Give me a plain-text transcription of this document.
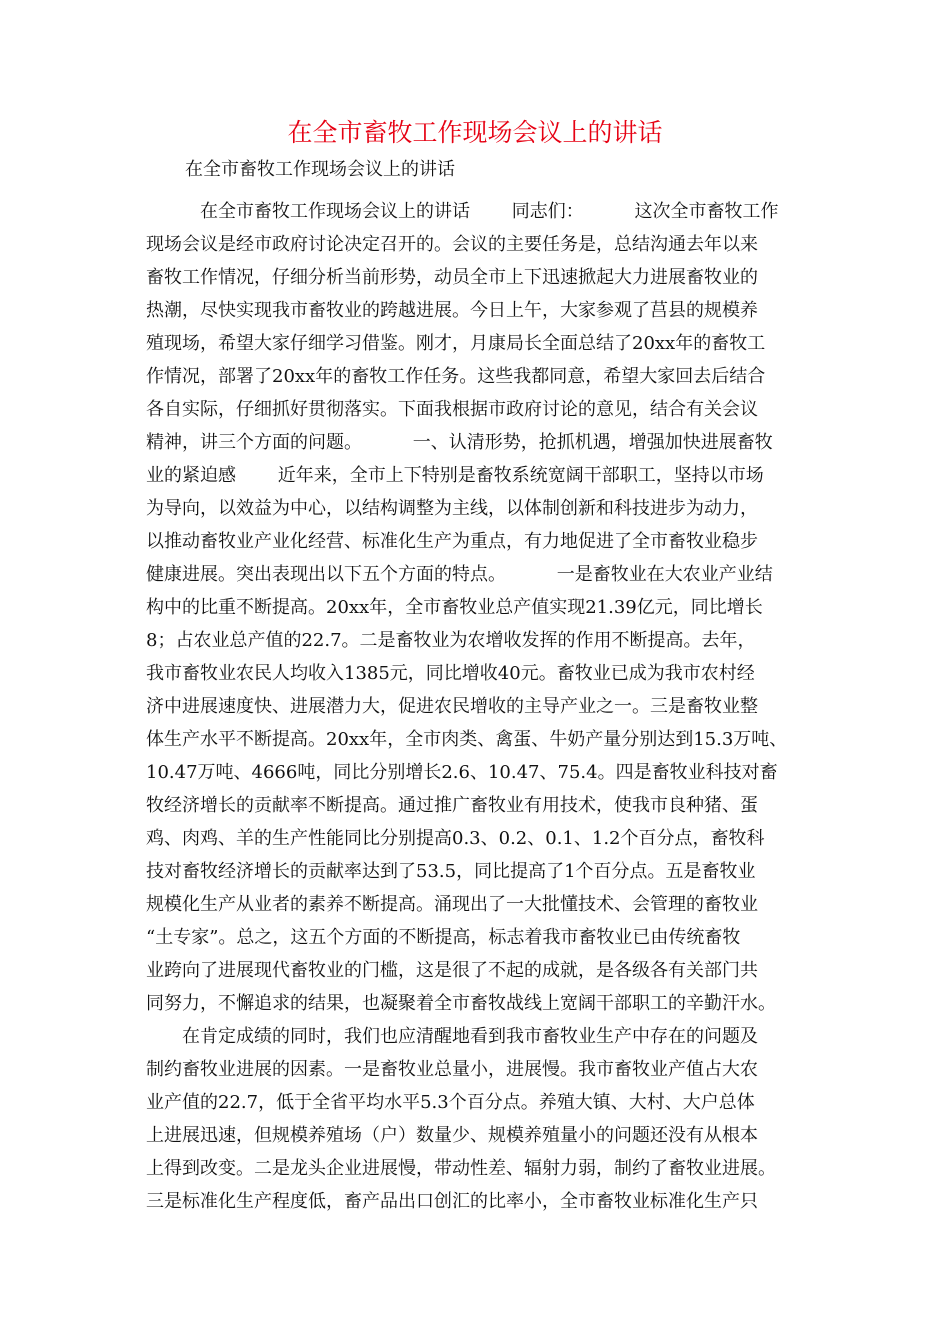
在全市畜牧工作现场会议上的讲话
在全市畜牧工作现场会议上的讲话
　　　在全市畜牧工作现场会议上的讲话　　 同志们：　　　 这次全市畜牧工作
现场会议是经市政府讨论决定召开的。会议的主要任务是，总结沟通去年以来
畜牧工作情况，仔细分析当前形势，动员全市上下迅速掀起大力进展畜牧业的
热潮，尽快实现我市畜牧业的跨越进展。今日上午，大家参观了莒县的规模养
殖现场，希望大家仔细学习借鉴。刚才，月康局长全面总结了20xx年的畜牧工
作情况，部署了20xx年的畜牧工作任务。这些我都同意，希望大家回去后结合
各自实际，仔细抓好贯彻落实。下面我根据市政府讨论的意见，结合有关会议
精神，讲三个方面的问题。　　　 一、认清形势，抢抓机遇，增强加快进展畜牧
业的紧迫感　　 近年来，全市上下特别是畜牧系统宽阔干部职工，坚持以市场
为导向，以效益为中心，以结构调整为主线，以体制创新和科技进步为动力，
以推动畜牧业产业化经营、标准化生产为重点，有力地促进了全市畜牧业稳步
健康进展。突出表现出以下五个方面的特点。　　　 一是畜牧业在大农业产业结
构中的比重不断提高。20xx年，全市畜牧业总产值实现21.39亿元，同比增长
8；占农业总产值的22.7。二是畜牧业为农增收发挥的作用不断提高。去年，
我市畜牧业农民人均收入1385元，同比增收40元。畜牧业已成为我市农村经
济中进展速度快、进展潜力大，促进农民增收的主导产业之一。三是畜牧业整
体生产水平不断提高。20xx年，全市肉类、禽蛋、牛奶产量分别达到15.3万吨、
10.47万吨、4666吨，同比分别增长2.6、10.47、75.4。四是畜牧业科技对畜
牧经济增长的贡献率不断提高。通过推广畜牧业有用技术，使我市良种猪、蛋
鸡、肉鸡、羊的生产性能同比分别提高0.3、0.2、0.1、1.2个百分点，畜牧科
技对畜牧经济增长的贡献率达到了53.5，同比提高了1个百分点。五是畜牧业
规模化生产从业者的素养不断提高。涌现出了一大批懂技术、会管理的畜牧业
“土专家”。总之，这五个方面的不断提高，标志着我市畜牧业已由传统畜牧
业跨向了进展现代畜牧业的门槛，这是很了不起的成就，是各级各有关部门共
同努力，不懈追求的结果，也凝聚着全市畜牧战线上宽阔干部职工的辛勤汗水。
　　在肯定成绩的同时，我们也应清醒地看到我市畜牧业生产中存在的问题及
制约畜牧业进展的因素。一是畜牧业总量小，进展慢。我市畜牧业产值占大农
业产值的22.7，低于全省平均水平5.3个百分点。养殖大镇、大村、大户总体
上进展迅速，但规模养殖场（户）数量少、规模养殖量小的问题还没有从根本
上得到改变。二是龙头企业进展慢，带动性差、辐射力弱，制约了畜牧业进展。
三是标准化生产程度低，畜产品出口创汇的比率小，全市畜牧业标准化生产只
